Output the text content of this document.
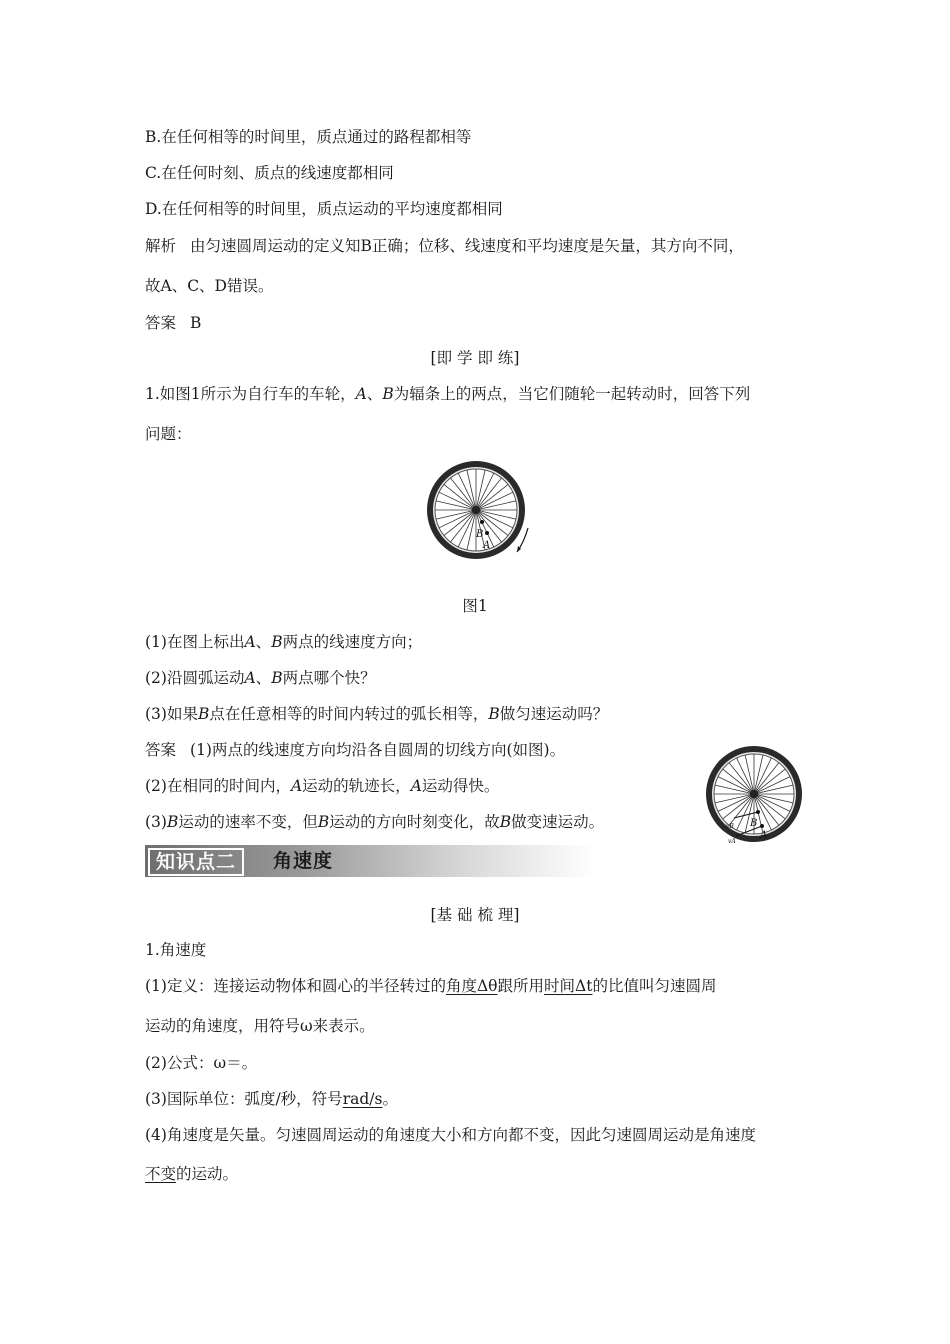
B.在任何相等的时间里，质点通过的路程都相等
C.在任何时刻、质点的线速度都相同
D.在任何相等的时间里，质点运动的平均速度都相同
解析 由匀速圆周运动的定义知B正确；位移、线速度和平均速度是矢量，其方向不同，
故A、C、D错误。
答案 B
[即 学 即 练]
1.如图1所示为自行车的车轮，A、B为辐条上的两点，当它们随轮一起转动时，回答下列
问题：
B
A
图1
(1)在图上标出A、B两点的线速度方向；
(2)沿圆弧运动A、B两点哪个快？
(3)如果B点在任意相等的时间内转过的弧长相等，B做匀速运动吗？
答案 (1)两点的线速度方向均沿各自圆周的切线方向(如图)。
(2)在相同的时间内，A运动的轨迹长，A运动得快。
(3)B运动的速率不变，但B运动的方向时刻变化，故B做变速运动。	B
A
vB
vA
知识点二	角速度
[基 础 梳 理]
1.角速度
(1)定义：连接运动物体和圆心的半径转过的角度Δθ跟所用时间Δt的比值叫匀速圆周
运动的角速度，用符号ω来表示。
(2)公式：ω＝。
(3)国际单位：弧度/秒，符号rad/s。
(4)角速度是矢量。匀速圆周运动的角速度大小和方向都不变，因此匀速圆周运动是角速度
不变的运动。
